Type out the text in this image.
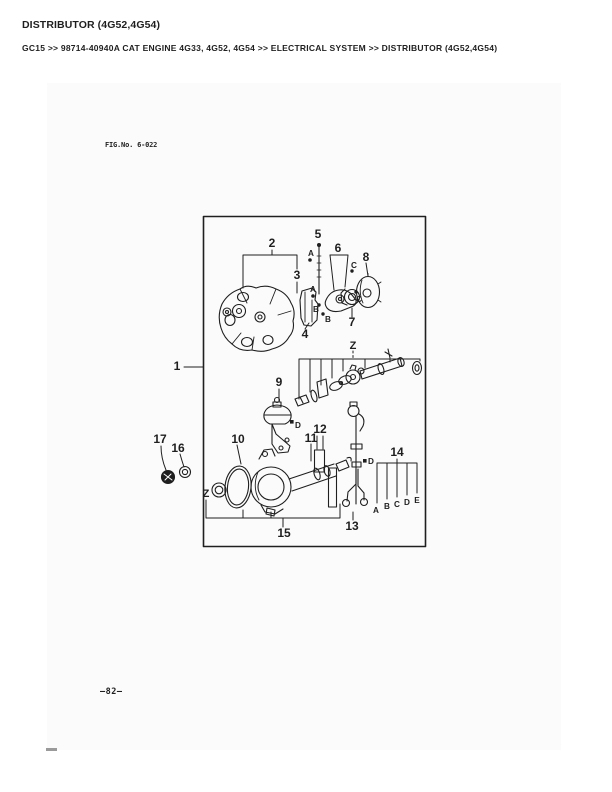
DISTRIBUTOR (4G52,4G54)
GC15 >> 98714-40940A CAT ENGINE 4G33, 4G52, 4G54 >> ELECTRICAL SYSTEM >> DISTRIBUTOR (4G52,4G54)
FIG.No. 6-022
1
2
3
4
5
6
7
8
9
10	11
12
13
14
15
16
17
Z
Z
A
A
B
B
C
C
D
D
A B C D E
–82–
